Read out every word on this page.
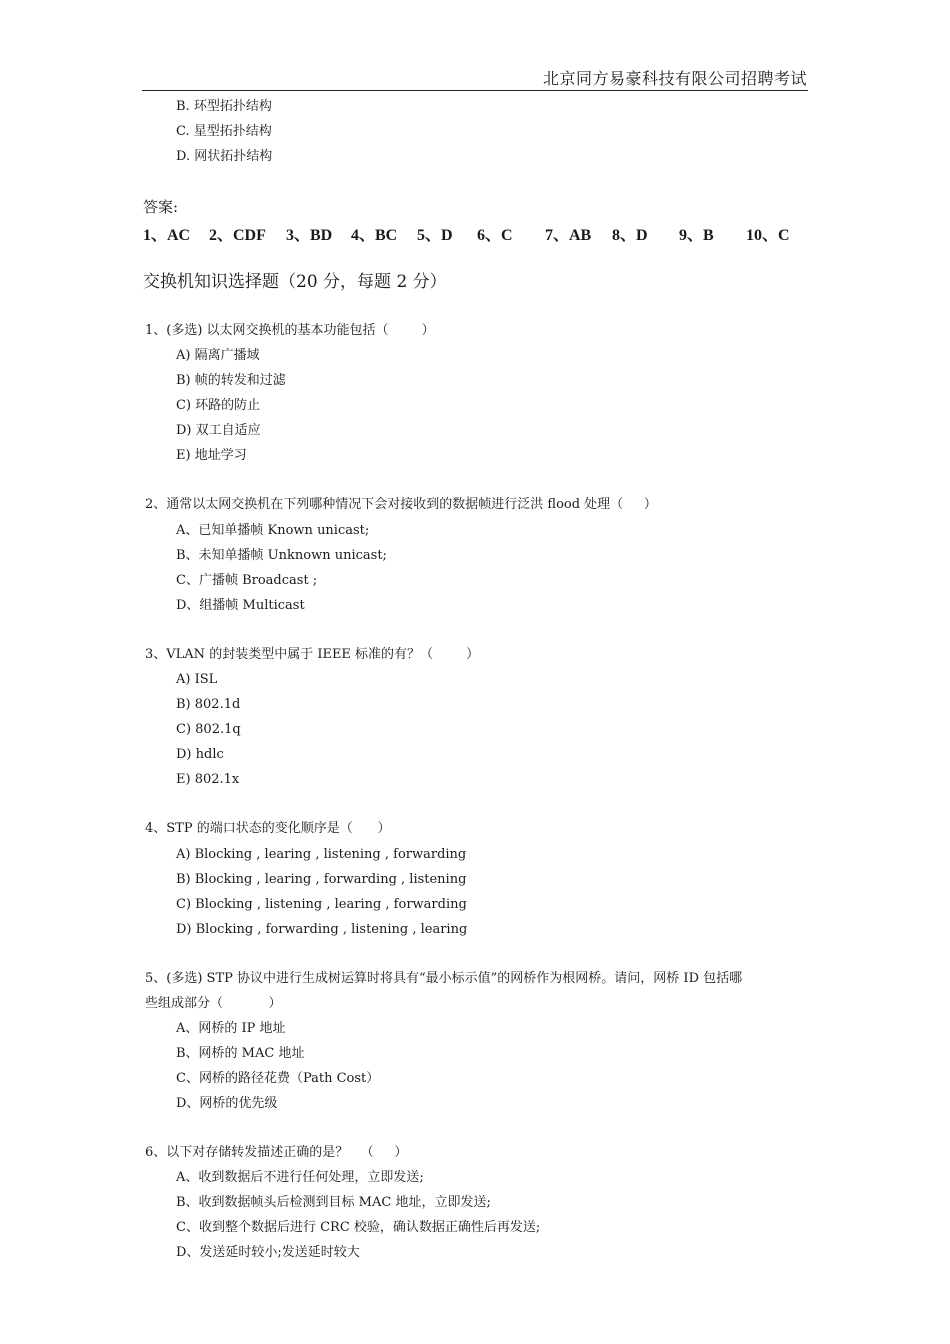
北京同方易豪科技有限公司招聘考试
B. 环型拓扑结构
C. 星型拓扑结构
D. 网状拓扑结构
答案:
1、AC 2、CDF 3、BD 4、BC 5、D 6、C 7、AB 8、D 9、B 10、C
交换机知识选择题（20 分，每题 2 分）
1、(多选) 以太网交换机的基本功能包括（        ）
A) 隔离广播域
B) 帧的转发和过滤
C) 环路的防止
D) 双工自适应
E) 地址学习
2、通常以太网交换机在下列哪种情况下会对接收到的数据帧进行泛洪 flood 处理（     ）
A、已知单播帧 Known unicast;
B、未知单播帧 Unknown unicast;
C、广播帧 Broadcast ;
D、组播帧 Multicast
3、VLAN 的封装类型中属于 IEEE 标准的有？（        ）
A) ISL
B) 802.1d
C) 802.1q
D) hdlc
E) 802.1x
4、STP 的端口状态的变化顺序是（      ）
A) Blocking , learing , listening , forwarding
B) Blocking , learing , forwarding , listening
C) Blocking , listening , learing , forwarding
D) Blocking , forwarding , listening , learing
5、(多选) STP 协议中进行生成树运算时将具有“最小标示值”的网桥作为根网桥。请问，网桥 ID 包括哪
些组成部分（           ）
A、网桥的 IP 地址
B、网桥的 MAC 地址
C、网桥的路径花费（Path Cost）
D、网桥的优先级
6、以下对存储转发描述正确的是？   （     ）
A、收到数据后不进行任何处理，立即发送;
B、收到数据帧头后检测到目标 MAC 地址，立即发送;
C、收到整个数据后进行 CRC 校验，确认数据正确性后再发送;
D、发送延时较小;发送延时较大
